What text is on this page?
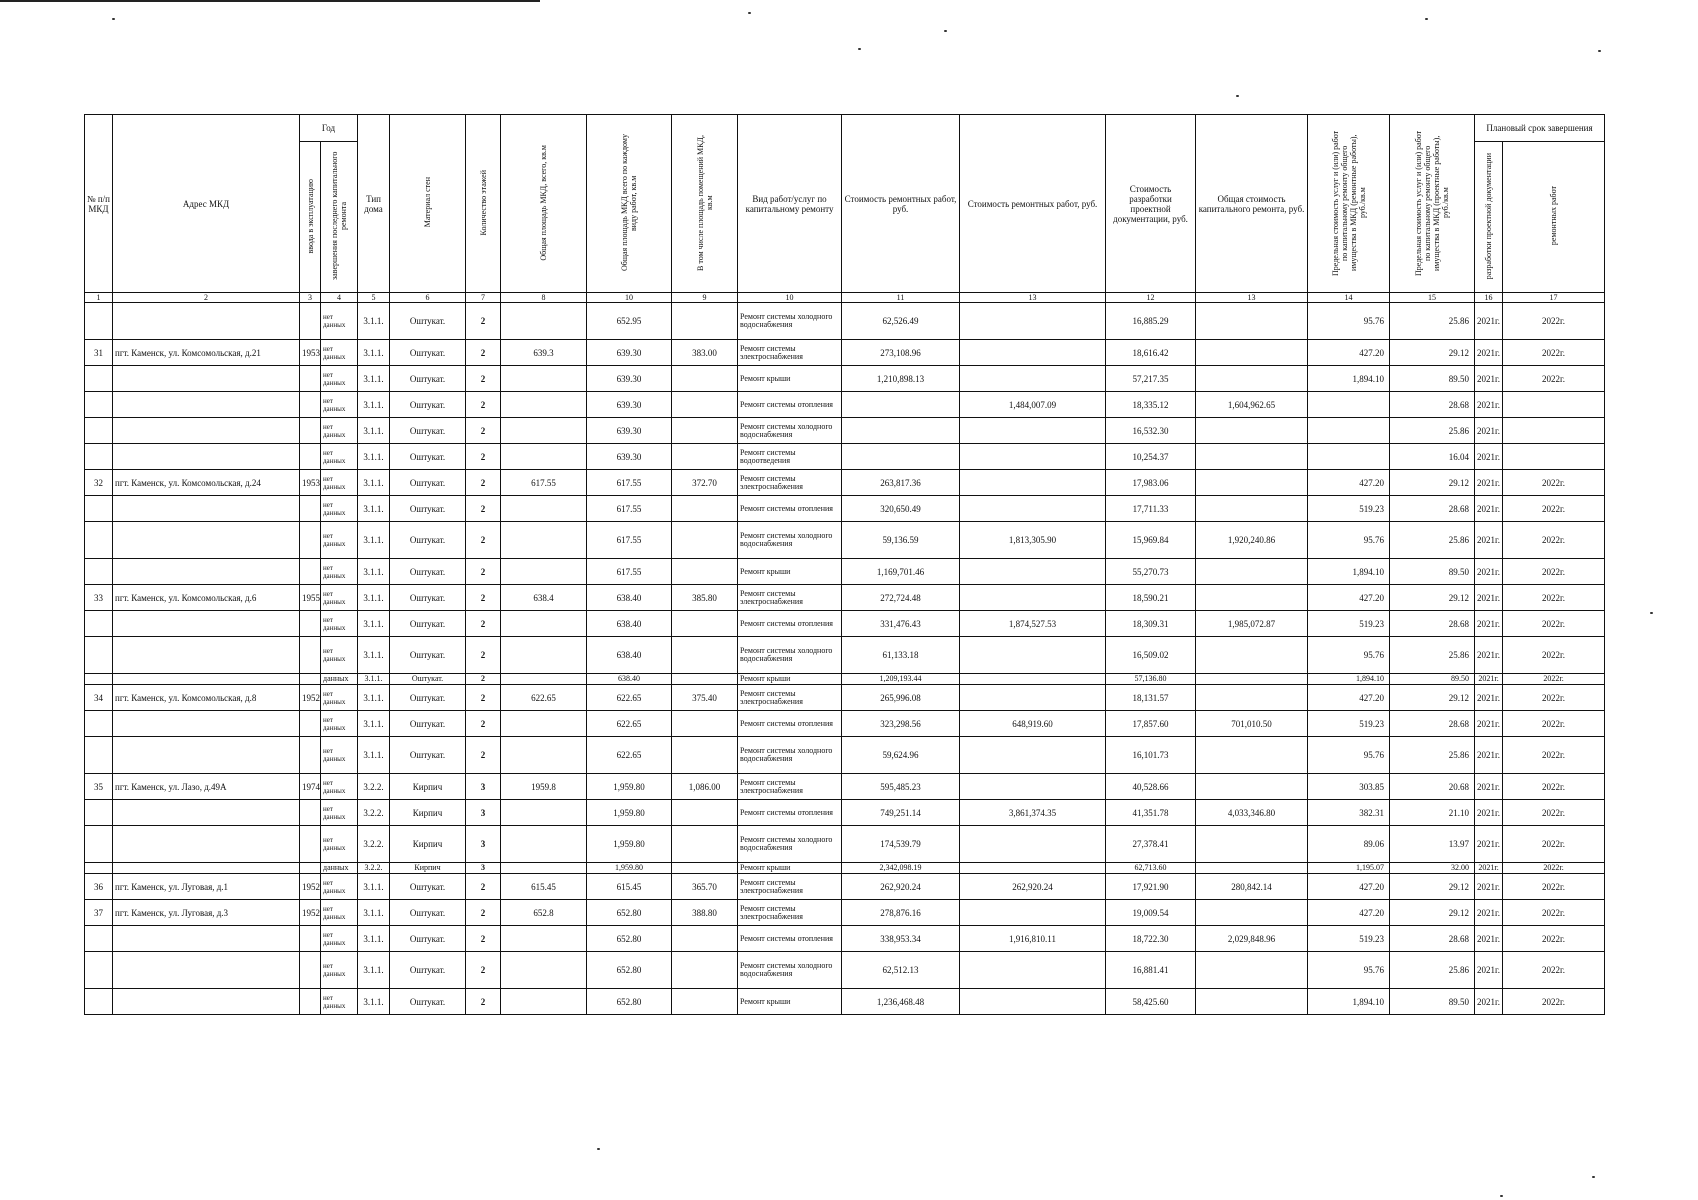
№ п/п МКД	Адрес МКД	Год		Тип дома	Материал стен	Количество этажей	Общая площадь МКД, всего, кв.м	Общая площадь МКД всего по каждому виду работ, кв.м	В том числе площадь помещений МКД, кв.м	Вид работ/услуг по капитальному ремонту	Стоимость ремонтных работ, руб.	Стоимость ремонтных работ, руб.	Стоимость разработки проектной документации, руб.	Общая стоимость капитального ремонта, руб.	Предельная стоимость услуг и (или) работ по капитальному ремонту общего имущества в МКД (ремонтные работы), руб./кв.м	Предельная стоимость услуг и (или) работ по капитальному ремонту общего имущества в МКД (проектные работы), руб./кв.м	Плановый срок завершения	
		ввода в эксплуатацию	завершения последнего капитального ремонта														разработки проектной документации	ремонтных работ
1	2	3	4	5	6	7	8	10	9	10	11	13	12	13	14	15	16	17
			нет данных	3.1.1.	Оштукат.	2		652.95		Ремонт системы холодного водоснабжения	62,526.49		16,885.29		95.76	25.86	2021г.	2022г.
31	пгт. Каменск, ул. Комсомольская, д.21	1953	нет данных	3.1.1.	Оштукат.	2	639.3	639.30	383.00	Ремонт системы электроснабжения	273,108.96		18,616.42		427.20	29.12	2021г.	2022г.
			нет данных	3.1.1.	Оштукат.	2		639.30		Ремонт крыши	1,210,898.13		57,217.35		1,894.10	89.50	2021г.	2022г.
			нет данных	3.1.1.	Оштукат.	2		639.30		Ремонт системы отопления		1,484,007.09	18,335.12	1,604,962.65		28.68	2021г.	
			нет данных	3.1.1.	Оштукат.	2		639.30		Ремонт системы холодного водоснабжения			16,532.30			25.86	2021г.	
			нет данных	3.1.1.	Оштукат.	2		639.30		Ремонт системы водоотведения			10,254.37			16.04	2021г.	
32	пгт. Каменск, ул. Комсомольская, д.24	1953	нет данных	3.1.1.	Оштукат.	2	617.55	617.55	372.70	Ремонт системы электроснабжения	263,817.36		17,983.06		427.20	29.12	2021г.	2022г.
			нет данных	3.1.1.	Оштукат.	2		617.55		Ремонт системы отопления	320,650.49		17,711.33		519.23	28.68	2021г.	2022г.
			нет данных	3.1.1.	Оштукат.	2		617.55		Ремонт системы холодного водоснабжения	59,136.59	1,813,305.90	15,969.84	1,920,240.86	95.76	25.86	2021г.	2022г.
			нет данных	3.1.1.	Оштукат.	2		617.55		Ремонт крыши	1,169,701.46		55,270.73		1,894.10	89.50	2021г.	2022г.
33	пгт. Каменск, ул. Комсомольская, д.6	1955	нет данных	3.1.1.	Оштукат.	2	638.4	638.40	385.80	Ремонт системы электроснабжения	272,724.48		18,590.21		427.20	29.12	2021г.	2022г.
			нет данных	3.1.1.	Оштукат.	2		638.40		Ремонт системы отопления	331,476.43	1,874,527.53	18,309.31	1,985,072.87	519.23	28.68	2021г.	2022г.
			нет данных	3.1.1.	Оштукат.	2		638.40		Ремонт системы холодного водоснабжения	61,133.18		16,509.02		95.76	25.86	2021г.	2022г.
			данных	3.1.1.	Оштукат.	2		638.40		Ремонт крыши	1,209,193.44		57,136.80		1,894.10	89.50	2021г.	2022г.
34	пгт. Каменск, ул. Комсомольская, д.8	1952	нет данных	3.1.1.	Оштукат.	2	622.65	622.65	375.40	Ремонт системы электроснабжения	265,996.08		18,131.57		427.20	29.12	2021г.	2022г.
			нет данных	3.1.1.	Оштукат.	2		622.65		Ремонт системы отопления	323,298.56	648,919.60	17,857.60	701,010.50	519.23	28.68	2021г.	2022г.
			нет данных	3.1.1.	Оштукат.	2		622.65		Ремонт системы холодного водоснабжения	59,624.96		16,101.73		95.76	25.86	2021г.	2022г.
35	пгт. Каменск, ул. Лазо, д.49А	1974	нет данных	3.2.2.	Кирпич	3	1959.8	1,959.80	1,086.00	Ремонт системы электроснабжения	595,485.23		40,528.66		303.85	20.68	2021г.	2022г.
			нет данных	3.2.2.	Кирпич	3		1,959.80		Ремонт системы отопления	749,251.14	3,861,374.35	41,351.78	4,033,346.80	382.31	21.10	2021г.	2022г.
			нет данных	3.2.2.	Кирпич	3		1,959.80		Ремонт системы холодного водоснабжения	174,539.79		27,378.41		89.06	13.97	2021г.	2022г.
			данных	3.2.2.	Кирпич	3		1,959.80		Ремонт крыши	2,342,098.19		62,713.60		1,195.07	32.00	2021г.	2022г.
36	пгт. Каменск, ул. Луговая, д.1	1952	нет данных	3.1.1.	Оштукат.	2	615.45	615.45	365.70	Ремонт системы электроснабжения	262,920.24	262,920.24	17,921.90	280,842.14	427.20	29.12	2021г.	2022г.
37	пгт. Каменск, ул. Луговая, д.3	1952	нет данных	3.1.1.	Оштукат.	2	652.8	652.80	388.80	Ремонт системы электроснабжения	278,876.16		19,009.54		427.20	29.12	2021г.	2022г.
			нет данных	3.1.1.	Оштукат.	2		652.80		Ремонт системы отопления	338,953.34	1,916,810.11	18,722.30	2,029,848.96	519.23	28.68	2021г.	2022г.
			нет данных	3.1.1.	Оштукат.	2		652.80		Ремонт системы холодного водоснабжения	62,512.13		16,881.41		95.76	25.86	2021г.	2022г.
			нет данных	3.1.1.	Оштукат.	2		652.80		Ремонт крыши	1,236,468.48		58,425.60		1,894.10	89.50	2021г.	2022г.
